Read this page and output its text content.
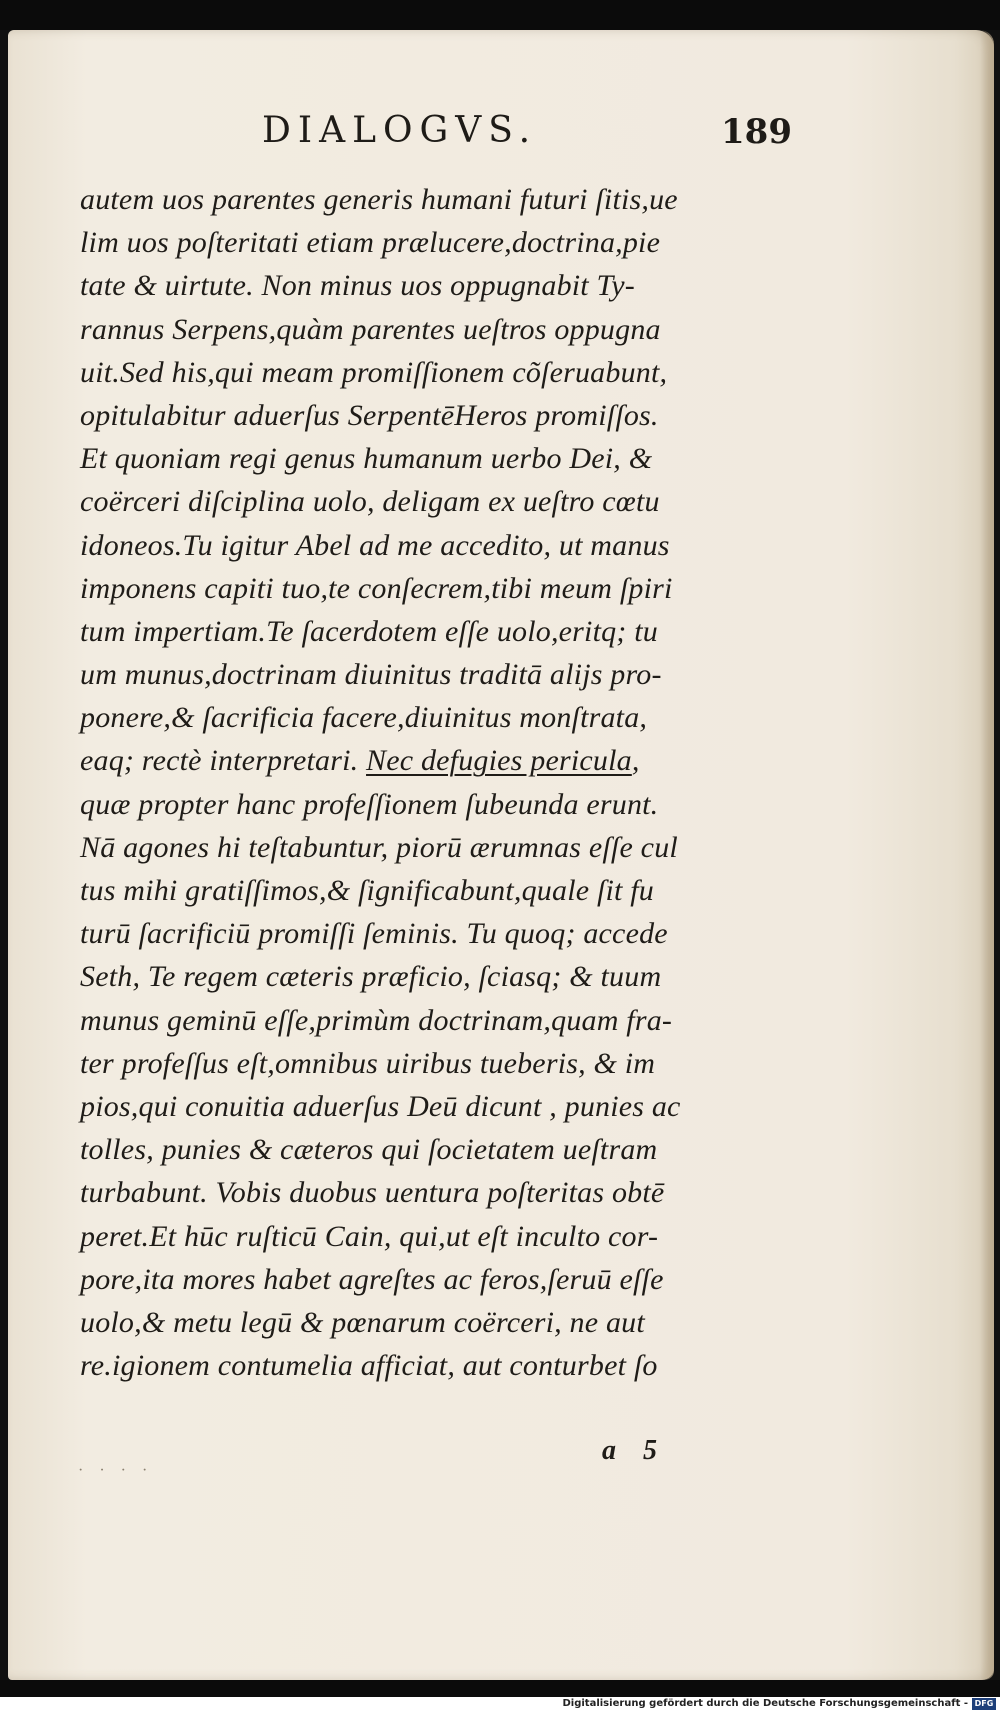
DIALOGVS.	189
autem uos parentes generis humani futuri ſitis,ue
lim uos poſteritati etiam prælucere,doctrina,pie
tate & uirtute. Non minus uos oppugnabit Ty-
rannus Serpens,quàm parentes ueſtros oppugna
uit.Sed his,qui meam promiſſionem cõſeruabunt,
opitulabitur aduerſus SerpentēHeros promiſſos.
Et quoniam regi genus humanum uerbo Dei, &
coërceri diſciplina uolo, deligam ex ueſtro cœtu
idoneos.Tu igitur Abel ad me accedito, ut manus
imponens capiti tuo,te conſecrem,tibi meum ſpiri
tum impertiam.Te ſacerdotem eſſe uolo,eritq; tu
um munus,doctrinam diuinitus traditā alijs pro-
ponere,& ſacrificia facere,diuinitus monſtrata,
eaq; rectè interpretari. Nec defugies pericula,
quæ propter hanc profeſſionem ſubeunda erunt.
Nā agones hi teſtabuntur, piorū ærumnas eſſe cul
tus mihi gratiſſimos,& ſignificabunt,quale ſit fu
turū ſacrificiū promiſſi ſeminis. Tu quoq; accede
Seth, Te regem cæteris præficio, ſciasq; & tuum
munus geminū eſſe,primùm doctrinam,quam fra-
ter profeſſus eſt,omnibus uiribus tueberis, & im
pios,qui conuitia aduerſus Deū dicunt , punies ac
tolles, punies & cæteros qui ſocietatem ueſtram
turbabunt. Vobis duobus uentura poſteritas obtē
peret.Et hūc ruſticū Cain, qui,ut eſt inculto cor-
pore,ita mores habet agreſtes ac feros,ſeruū eſſe
uolo,& metu legū & pœnarum coërceri, ne aut
re.igionem contumelia afficiat, aut conturbet ſo
· · · ·
a 5
Digitalisierung gefördert durch die Deutsche Forschungsgemeinschaft - DFG
